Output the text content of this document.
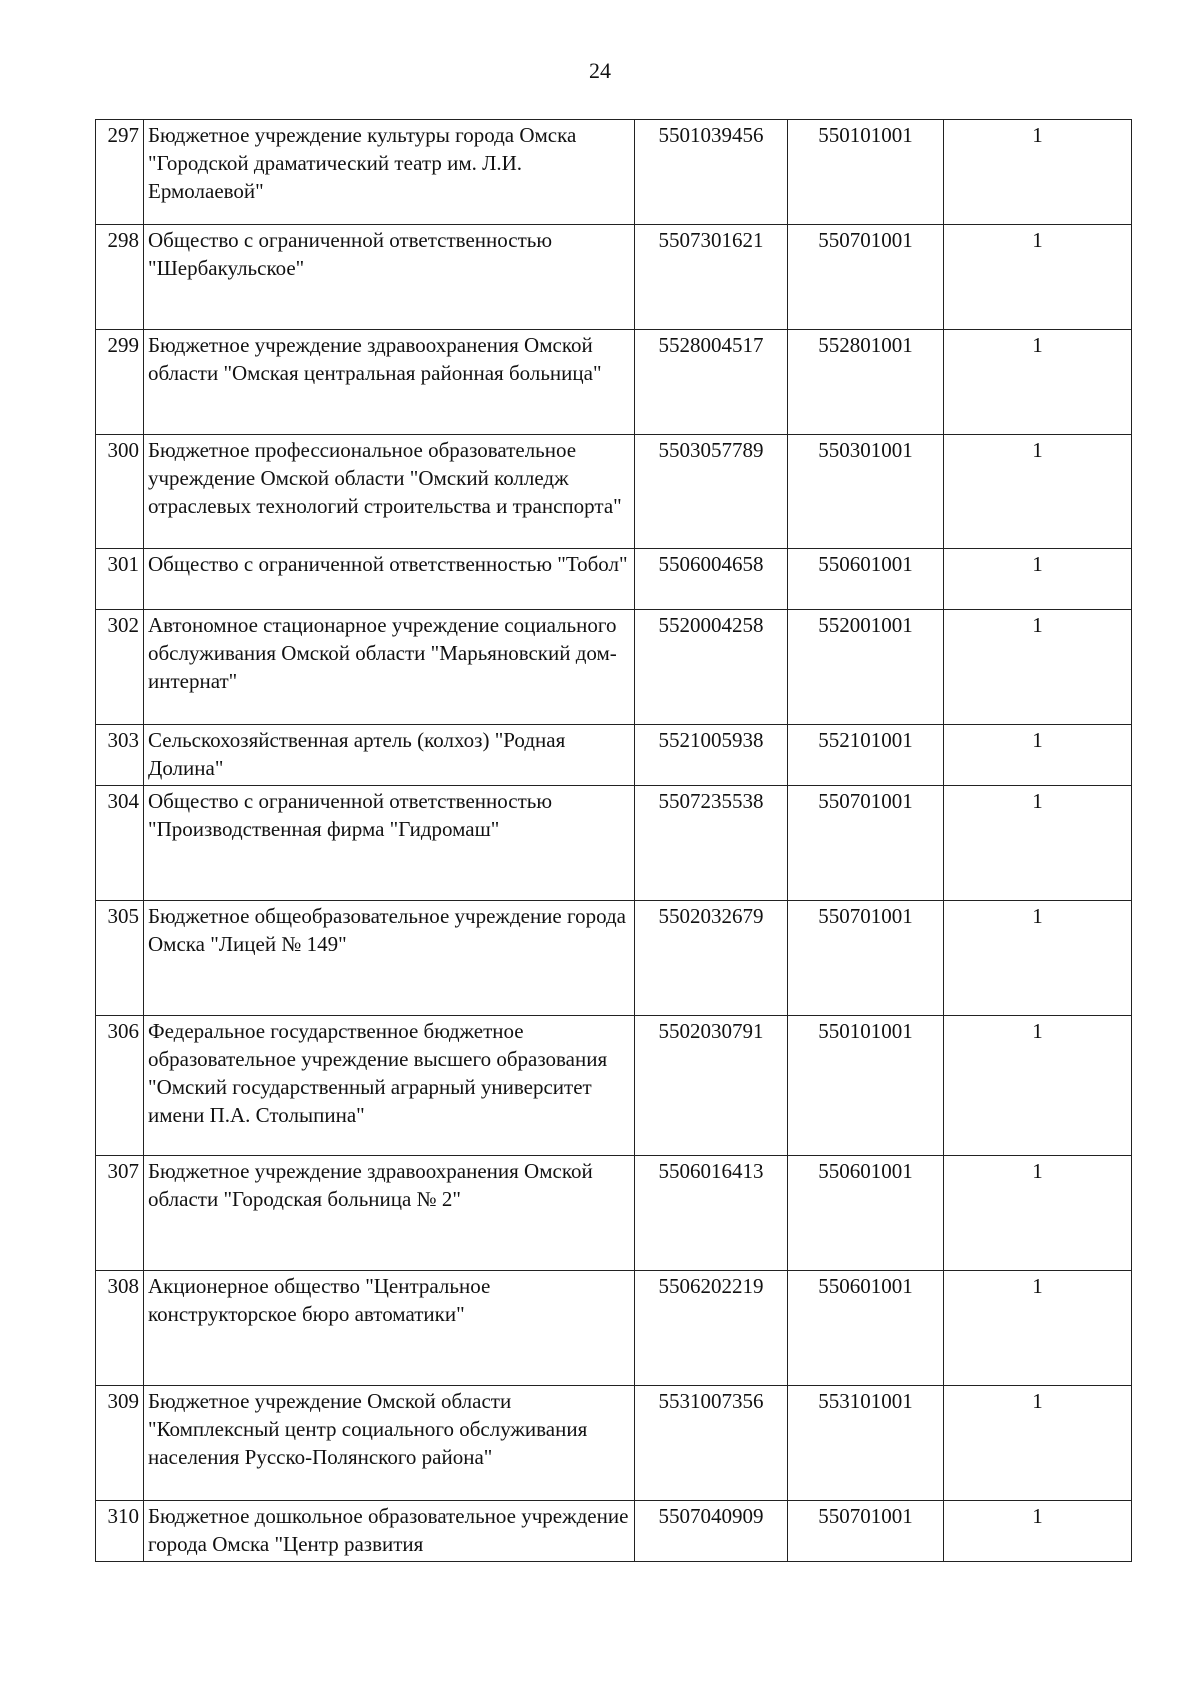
24
297	Бюджетное учреждение культуры города Омска "Городской драматический театр им. Л.И. Ермолаевой"	5501039456	550101001	1
298	Общество с ограниченной ответственностью "Шербакульское"	5507301621	550701001	1
299	Бюджетное учреждение здравоохранения Омской области "Омская центральная районная больница"	5528004517	552801001	1
300	Бюджетное профессиональное образовательное учреждение Омской области "Омский колледж отраслевых технологий строительства и транспорта"	5503057789	550301001	1
301	Общество с ограниченной ответственностью "Тобол"	5506004658	550601001	1
302	Автономное стационарное учреждение социального обслуживания Омской области "Марьяновский дом-интернат"	5520004258	552001001	1
303	Сельскохозяйственная артель (колхоз) "Родная Долина"	5521005938	552101001	1
304	Общество с ограниченной ответственностью "Производственная фирма "Гидромаш"	5507235538	550701001	1
305	Бюджетное общеобразовательное учреждение города Омска "Лицей № 149"	5502032679	550701001	1
306	Федеральное государственное бюджетное образовательное учреждение высшего образования "Омский государственный аграрный университет имени П.А. Столыпина"	5502030791	550101001	1
307	Бюджетное учреждение здравоохранения Омской области "Городская больница № 2"	5506016413	550601001	1
308	Акционерное общество "Центральное конструкторское бюро автоматики"	5506202219	550601001	1
309	Бюджетное учреждение Омской области "Комплексный центр социального обслуживания населения Русско-Полянского района"	5531007356	553101001	1
310	Бюджетное дошкольное образовательное учреждение города Омска "Центр развития	5507040909	550701001	1
